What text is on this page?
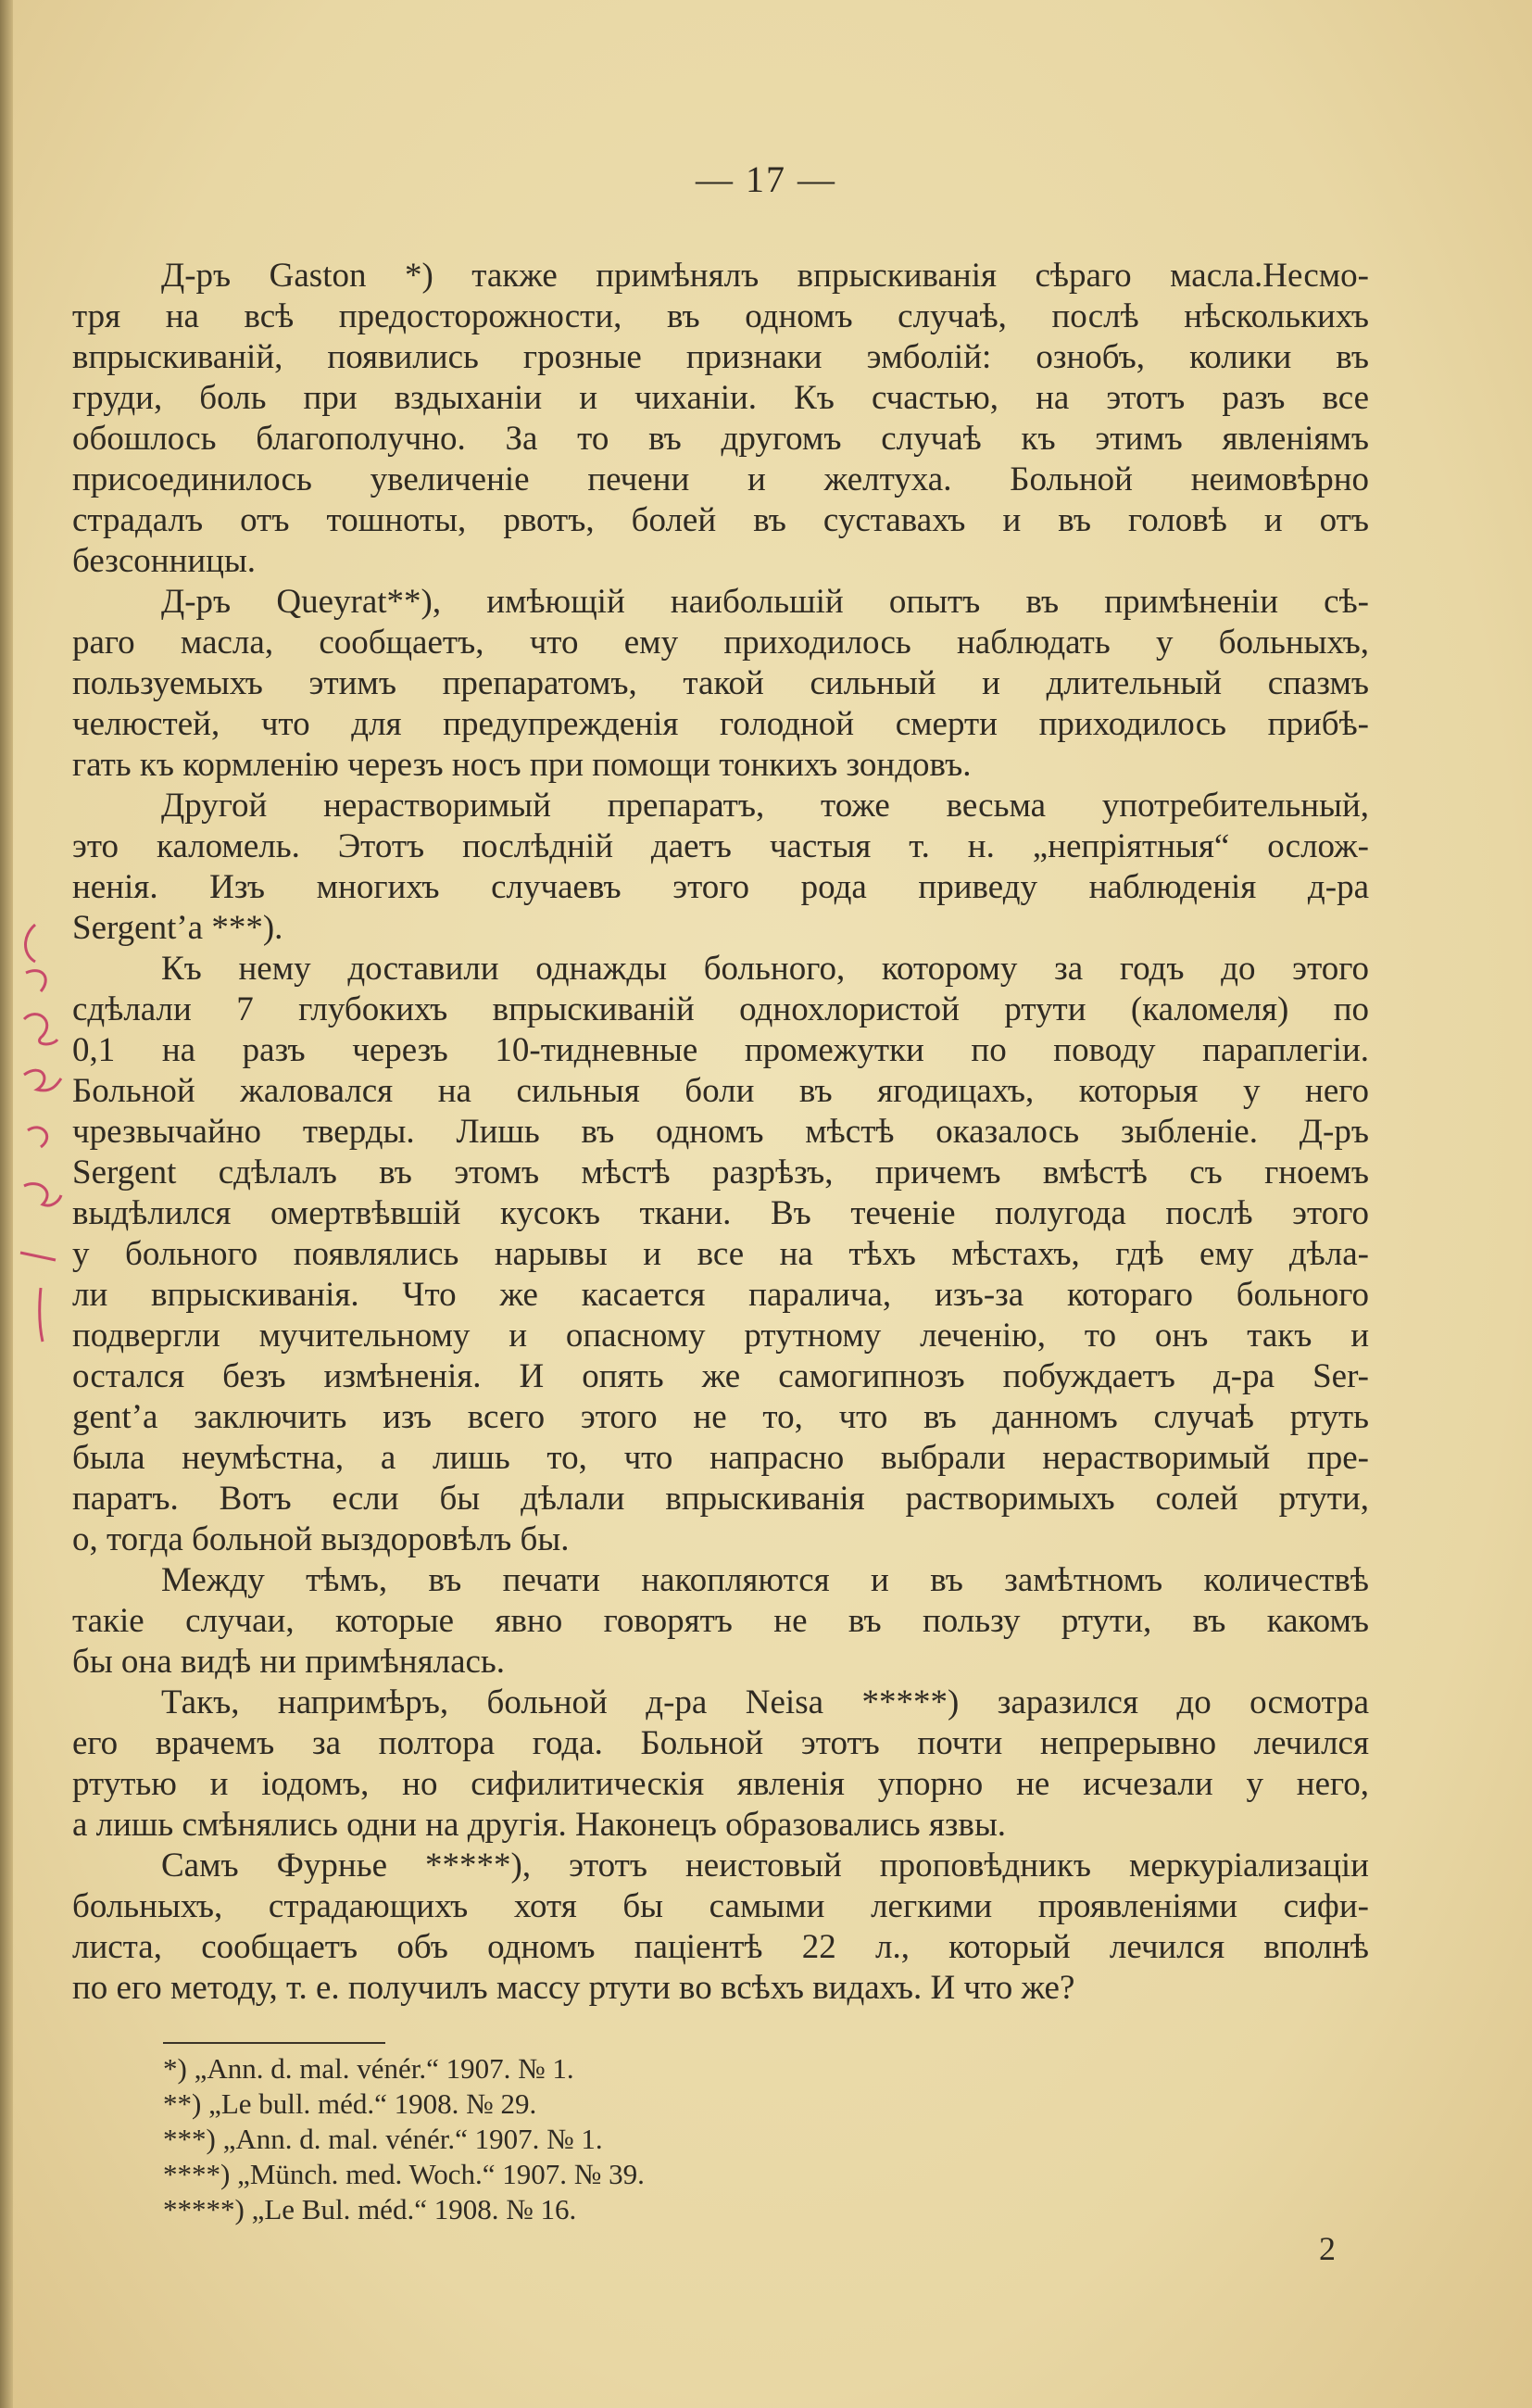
— 17 —
Д-ръ Gaston *) также примѣнялъ впрыскиванія сѣраго масла.Несмо-
тря на всѣ предосторожности, въ одномъ случаѣ, послѣ нѣсколькихъ
впрыскиваній, появились грозные признаки эмболій: ознобъ, колики въ
груди, боль при вздыханіи и чиханіи. Къ счастью, на этотъ разъ все
обошлось благополучно. За то въ другомъ случаѣ къ этимъ явленіямъ
присоединилось увеличеніе печени и желтуха. Больной неимовѣрно
страдалъ отъ тошноты, рвотъ, болей въ суставахъ и въ головѣ и отъ
безсонницы.
Д-ръ Queyrat**), имѣющій наибольшій опытъ въ примѣненіи сѣ-
раго масла, сообщаетъ, что ему приходилось наблюдать у больныхъ,
пользуемыхъ этимъ препаратомъ, такой сильный и длительный спазмъ
челюстей, что для предупрежденія голодной смерти приходилось прибѣ-
гать къ кормленію черезъ носъ при помощи тонкихъ зондовъ.
Другой нерастворимый препаратъ, тоже весьма употребительный,
это каломель. Этотъ послѣдній даетъ частыя т. н. „непріятныя“ ослож-
ненія. Изъ многихъ случаевъ этого рода приведу наблюденія д-ра
Sergent’a ***).
Къ нему доставили однажды больного, которому за годъ до этого
сдѣлали 7 глубокихъ впрыскиваній однохлористой ртути (каломеля) по
0,1 на разъ черезъ 10-тидневные промежутки по поводу параплегіи.
Больной жаловался на сильныя боли въ ягодицахъ, которыя у него
чрезвычайно тверды. Лишь въ одномъ мѣстѣ оказалось зыбленіе. Д-ръ
Sergent сдѣлалъ въ этомъ мѣстѣ разрѣзъ, причемъ вмѣстѣ съ гноемъ
выдѣлился омертвѣвшій кусокъ ткани. Въ теченіе полугода послѣ этого
у больного появлялись нарывы и все на тѣхъ мѣстахъ, гдѣ ему дѣла-
ли впрыскиванія. Что же касается паралича, изъ-за котораго больного
подвергли мучительному и опасному ртутному леченію, то онъ такъ и
остался безъ измѣненія. И опять же самогипнозъ побуждаетъ д-ра Ser-
gent’a заключить изъ всего этого не то, что въ данномъ случаѣ ртуть
была неумѣстна, а лишь то, что напрасно выбрали нерастворимый пре-
паратъ. Вотъ если бы дѣлали впрыскиванія растворимыхъ солей ртути,
о, тогда больной выздоровѣлъ бы.
Между тѣмъ, въ печати накопляются и въ замѣтномъ количествѣ
такіе случаи, которые явно говорятъ не въ пользу ртути, въ какомъ
бы она видѣ ни примѣнялась.
Такъ, напримѣръ, больной д-ра Neisa *****) заразился до осмотра
его врачемъ за полтора года. Больной этотъ почти непрерывно лечился
ртутью и іодомъ, но сифилитическія явленія упорно не исчезали у него,
а лишь смѣнялись одни на другія. Наконецъ образовались язвы.
Самъ Фурнье *****), этотъ неистовый проповѣдникъ меркуріализаціи
больныхъ, страдающихъ хотя бы самыми легкими проявленіями сифи-
листа, сообщаетъ объ одномъ паціентѣ 22 л., который лечился вполнѣ
по его методу, т. е. получилъ массу ртути во всѣхъ видахъ. И что же?
*) „Ann. d. mal. vénér.“ 1907. № 1.
**) „Le bull. méd.“ 1908. № 29.
***) „Ann. d. mal. vénér.“ 1907. № 1.
****) „Münch. med. Woch.“ 1907. № 39.
*****) „Le Bul. méd.“ 1908. № 16.
2
